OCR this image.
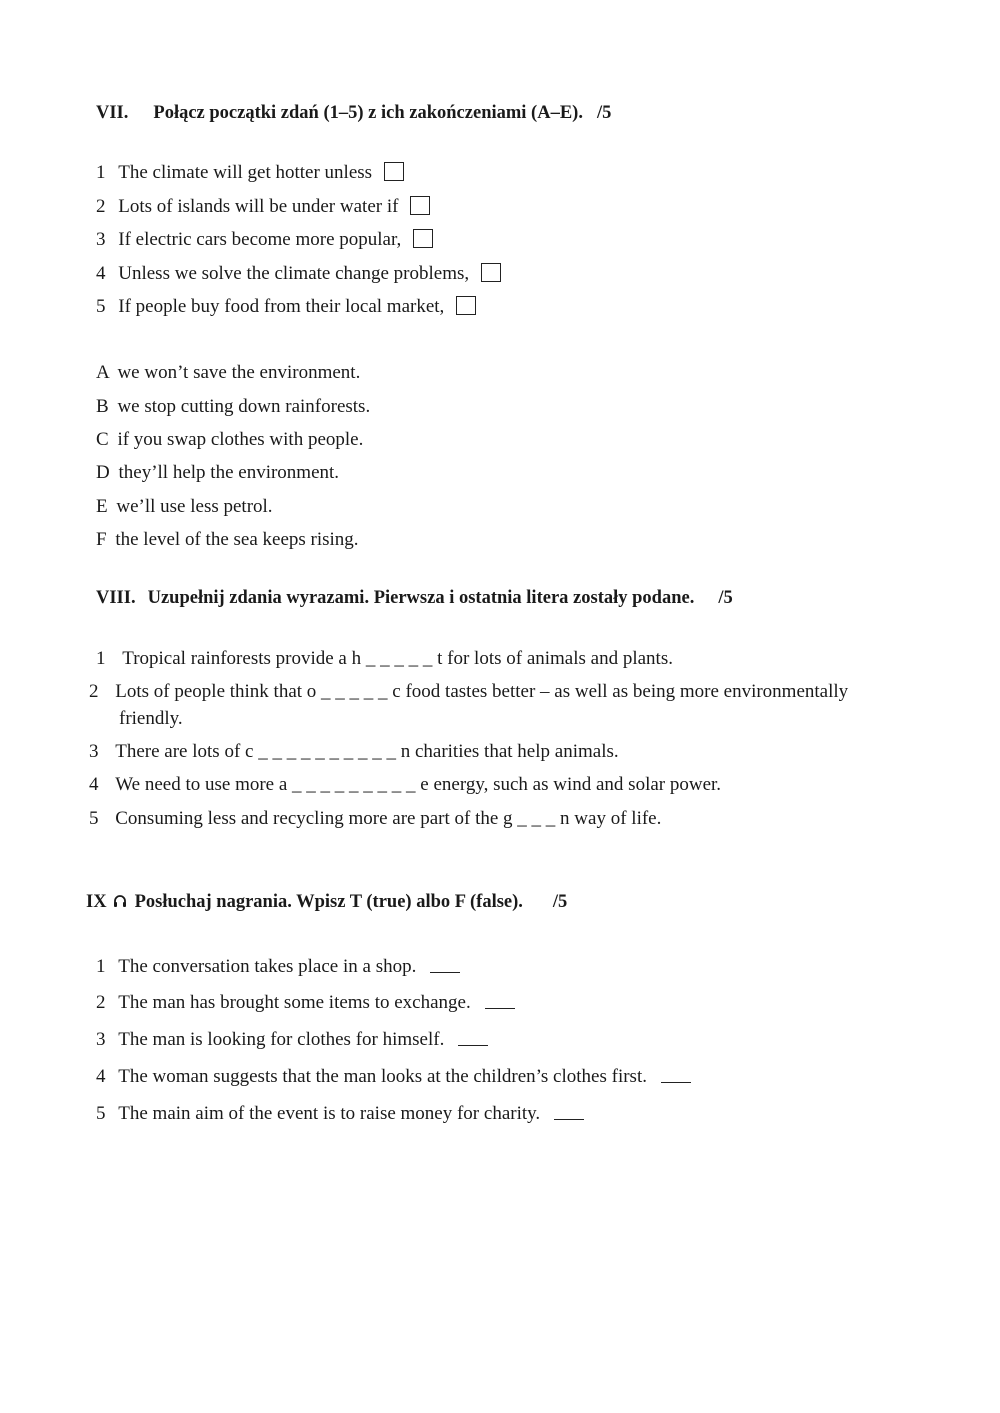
VII. Połącz początki zdań (1–5) z ich zakończeniami (A–E). /5
1 The climate will get hotter unless
2 Lots of islands will be under water if
3 If electric cars become more popular,
4 Unless we solve the climate change problems,
5 If people buy food from their local market,
A we won’t save the environment.
B we stop cutting down rainforests.
C if you swap clothes with people.
D they’ll help the environment.
E we’ll use less petrol.
F the level of the sea keeps rising.
VIII. Uzupełnij zdania wyrazami. Pierwsza i ostatnia litera zostały podane. /5
1 Tropical rainforests provide a h _ _ _ _ _ t for lots of animals and plants.
2 Lots of people think that o _ _ _ _ _ c food tastes better – as well as being more environmentally
friendly.
3 There are lots of c _ _ _ _ _ _ _ _ _ _ n charities that help animals.
4 We need to use more a _ _ _ _ _ _ _ _ _ e energy, such as wind and solar power.
5 Consuming less and recycling more are part of the g _ _ _ n way of life.
IX Posłuchaj nagrania. Wpisz T (true) albo F (false). /5
1 The conversation takes place in a shop.
2 The man has brought some items to exchange.
3 The man is looking for clothes for himself.
4 The woman suggests that the man looks at the children’s clothes first.
5 The main aim of the event is to raise money for charity.
